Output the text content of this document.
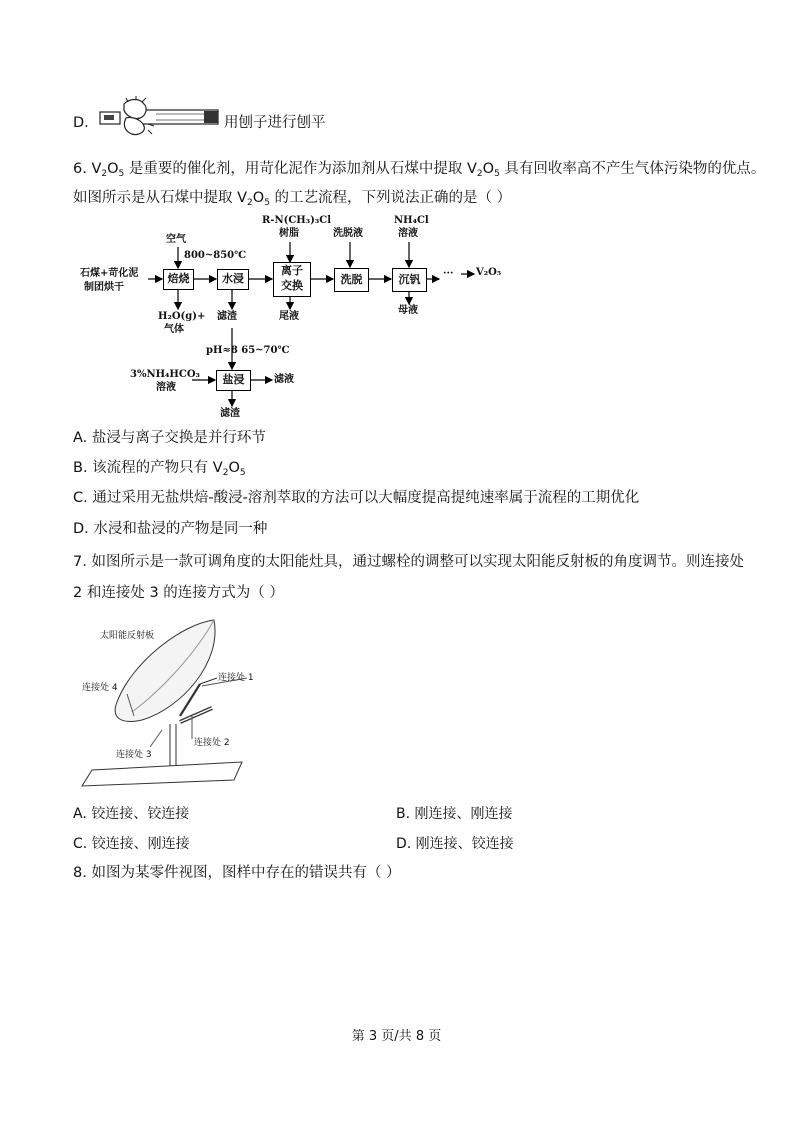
D.	用刨子进行刨平
6. $V_2O_5$ 是重要的催化剂，用苛化泥作为添加剂从石煤中提取 $V_2O_5$ 具有回收率高不产生气体污染物的优点。
如图所示是从石煤中提取 $V_2O_5$ 的工艺流程，下列说法正确的是（ ）
石煤+苛化泥
制团烘干
空气
800~850℃
焙烧	水浸
离子
交换
R-N(CH₃)₃Cl
树脂
洗脱
洗脱液
沉钒
NH₄Cl
溶液
··· V₂O₅
H₂O(g)+
气体
滤渣	尾液
母液
pH≈8 65~70℃
3%NH₄HCO₃
溶液
盐浸	滤液
滤渣
A. 盐浸与离子交换是并行环节
B. 该流程的产物只有 $V_2O_5$
C. 通过采用无盐烘焙-酸浸-溶剂萃取的方法可以大幅度提高提纯速率属于流程的工期优化
D. 水浸和盐浸的产物是同一种
7. 如图所示是一款可调角度的太阳能灶具，通过螺栓的调整可以实现太阳能反射板的角度调节。则连接处
2 和连接处 3 的连接方式为（ ）
太阳能反射板
连接处 1
连接处 4
连接处 2
连接处 3
A. 铰连接、铰连接	B. 刚连接、刚连接
C. 铰连接、刚连接	D. 刚连接、铰连接
8. 如图为某零件视图，图样中存在的错误共有（ ）
第 3 页/共 8 页
